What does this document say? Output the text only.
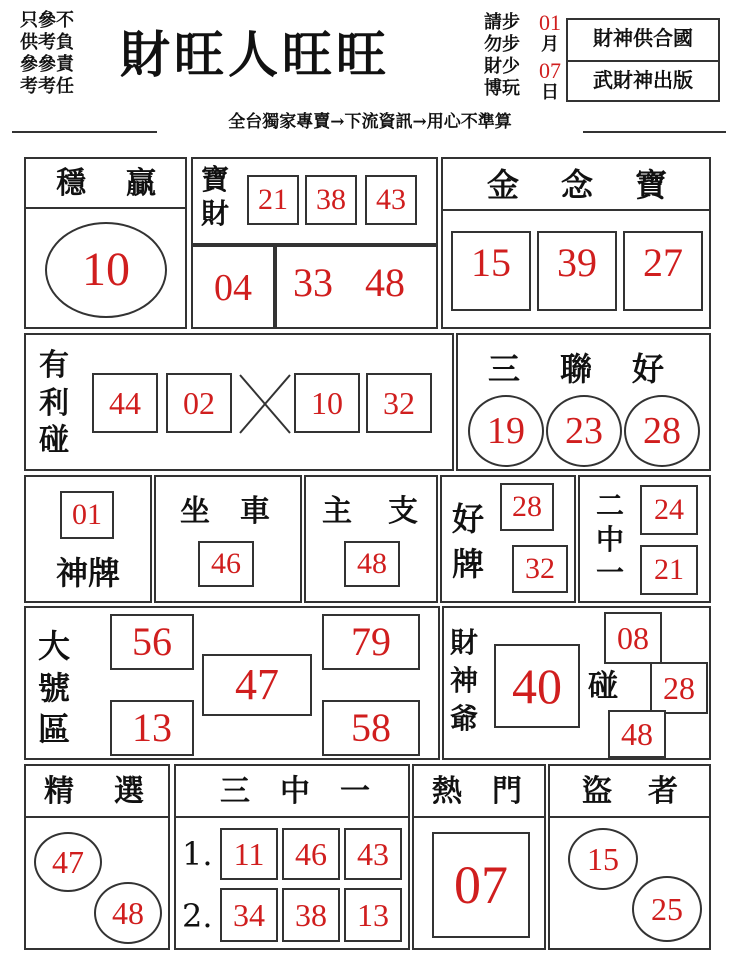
只參不
供考負
參參責
考考任
財旺人旺旺
請步
勿步
財少
博玩
01
月
07
日
財神供合國
武財神出版
全台獨家專賣→下流資訊→用心不準算
穩 贏
10
寶
財 21 38	43
04	33 48
金 念 寶
15	39	27
有
利
碰
44	02	10	32
三 聯 好
19	23	28
01
神牌
坐 車
46
主 支
48
好
牌
28
32
二
中
一
24
21
大
號
區
56
13
47
79
58
財
神
爺
40 碰
08
28
48
精 選
47
48
三 中 一
1. 11 46 43
2. 34 38 13
熱 門
07
盜 者
15
25
